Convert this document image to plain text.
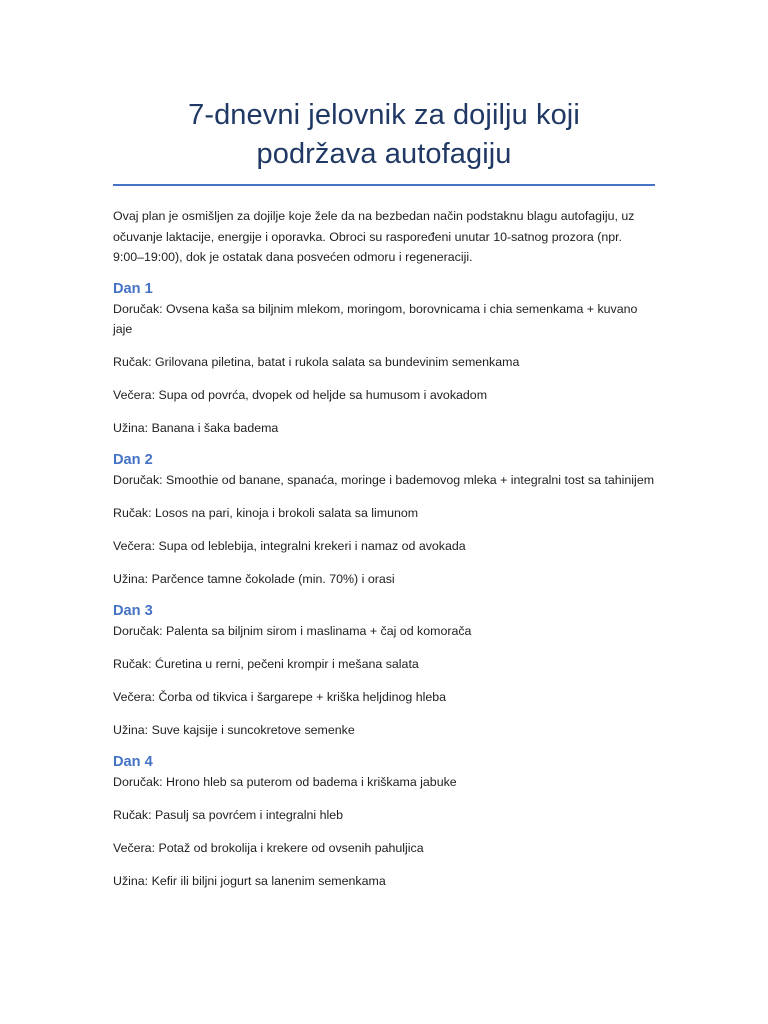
7-dnevni jelovnik za dojilju koji
podržava autofagiju

Ovaj plan je osmišljen za dojilje koje žele da na bezbedan način podstaknu blagu autofagiju, uz očuvanje laktacije, energije i oporavka. Obroci su raspoređeni unutar 10-satnog prozora (npr. 9:00–19:00), dok je ostatak dana posvećen odmoru i regeneraciji.

Dan 1

Doručak: Ovsena kaša sa biljnim mlekom, moringom, borovnicama i chia semenkama + kuvano jaje

Ručak: Grilovana piletina, batat i rukola salata sa bundevinim semenkama

Večera: Supa od povrća, dvopek od heljde sa humusom i avokadom

Užina: Banana i šaka badema

Dan 2

Doručak: Smoothie od banane, spanaća, moringe i bademovog mleka + integralni tost sa tahinijem

Ručak: Losos na pari, kinoja i brokoli salata sa limunom

Večera: Supa od leblebija, integralni krekeri i namaz od avokada

Užina: Parčence tamne čokolade (min. 70%) i orasi

Dan 3

Doručak: Palenta sa biljnim sirom i maslinama + čaj od komorača

Ručak: Ćuretina u rerni, pečeni krompir i mešana salata

Večera: Čorba od tikvica i šargarepe + kriška heljdinog hleba

Užina: Suve kajsije i suncokretove semenke

Dan 4

Doručak: Hrono hleb sa puterom od badema i kriškama jabuke

Ručak: Pasulj sa povrćem i integralni hleb

Večera: Potaž od brokolija i krekere od ovsenih pahuljica

Užina: Kefir ili biljni jogurt sa lanenim semenkama
